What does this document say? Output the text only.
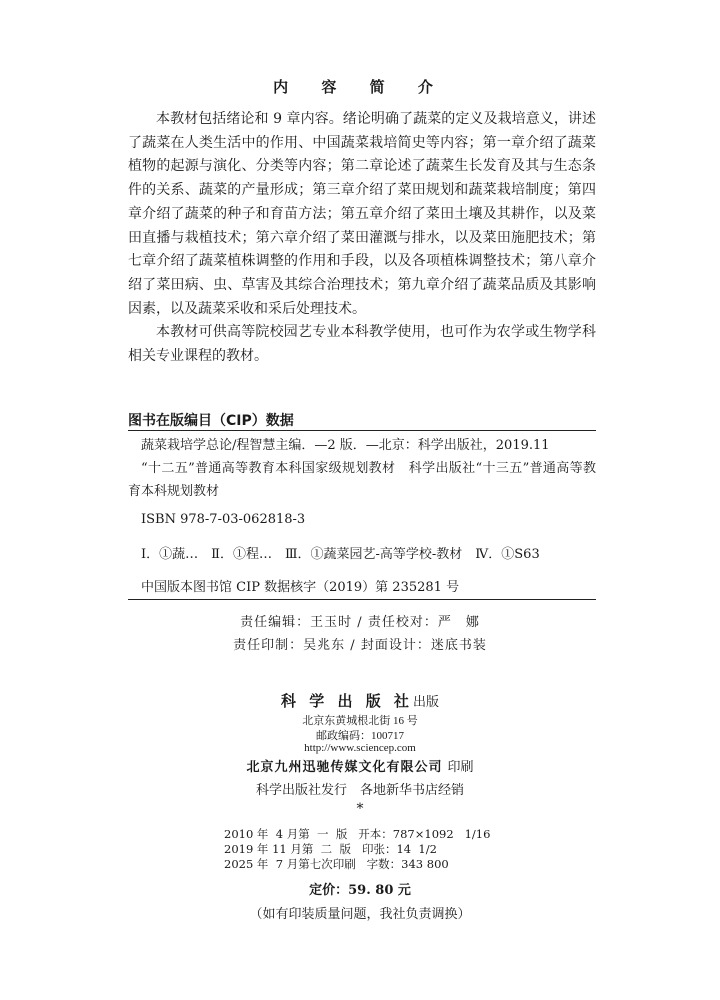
内 容 简 介

本教材包括绪论和 9 章内容。绪论明确了蔬菜的定义及栽培意义，讲述了蔬菜在人类生活中的作用、中国蔬菜栽培简史等内容；第一章介绍了蔬菜植物的起源与演化、分类等内容；第二章论述了蔬菜生长发育及其与生态条件的关系、蔬菜的产量形成；第三章介绍了菜田规划和蔬菜栽培制度；第四章介绍了蔬菜的种子和育苗方法；第五章介绍了菜田土壤及其耕作，以及菜田直播与栽植技术；第六章介绍了菜田灌溉与排水，以及菜田施肥技术；第七章介绍了蔬菜植株调整的作用和手段，以及各项植株调整技术；第八章介绍了菜田病、虫、草害及其综合治理技术；第九章介绍了蔬菜品质及其影响因素，以及蔬菜采收和采后处理技术。

本教材可供高等院校园艺专业本科教学使用，也可作为农学或生物学科相关专业课程的教材。

图书在版编目（CIP）数据
蔬菜栽培学总论/程智慧主编．—2 版．—北京：科学出版社，2019.11
“十二五”普通高等教育本科国家级规划教材　科学出版社“十三五”普通高等教育本科规划教材
ISBN 978-7-03-062818-3
Ⅰ．①蔬…　Ⅱ．①程…　Ⅲ．①蔬菜园艺-高等学校-教材　Ⅳ．①S63
中国版本图书馆 CIP 数据核字（2019）第 235281 号
责任编辑：王玉时 / 责任校对：严　娜
责任印制：吴兆东 / 封面设计：迷底书装
科 学 出 版 社出版
北京东黄城根北街 16 号
邮政编码：100717
http://www.sciencep.com
北京九州迅驰传媒文化有限公司 印刷
科学出版社发行　各地新华书店经销
*
2010 年  4 月第  一  版   开本：787×1092   1/16
2019 年 11 月第  二  版   印张：14  1/2
2025 年  7 月第七次印刷   字数：343 800
定价：59. 80 元
（如有印装质量问题，我社负责调换）
